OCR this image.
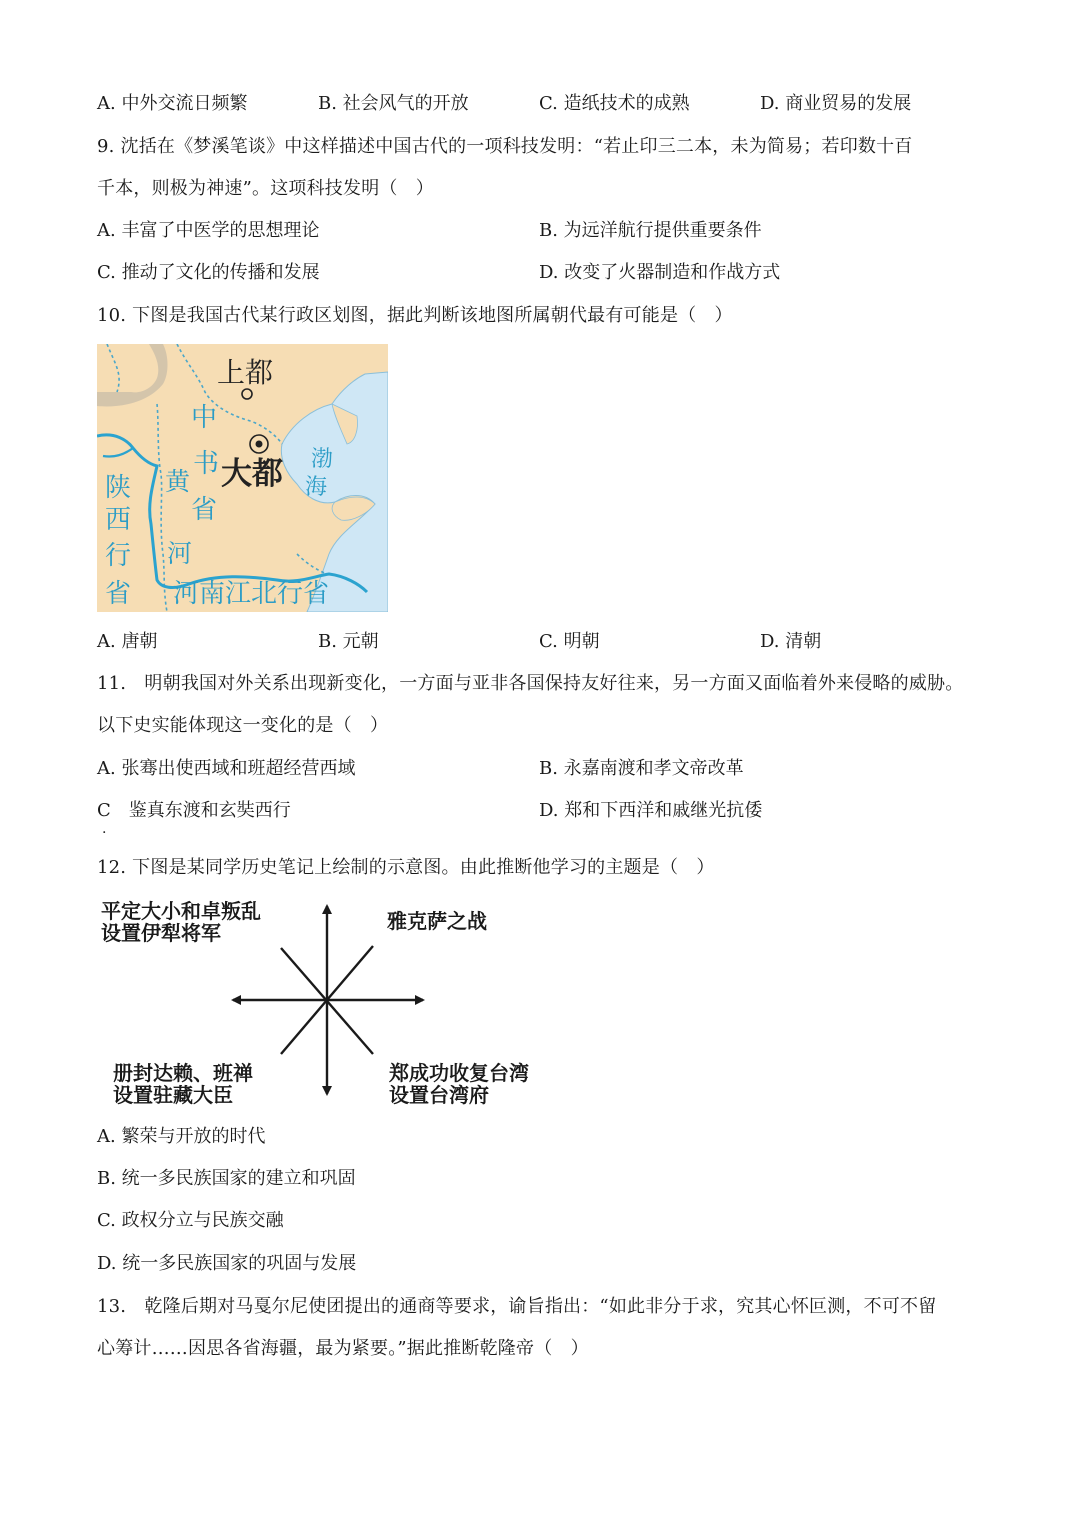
A. 中外交流日频繁	B. 社会风气的开放	C. 造纸技术的成熟	D. 商业贸易的发展
9. 沈括在《梦溪笔谈》中这样描述中国古代的一项科技发明：“若止印三二本，未为简易；若印数十百
千本，则极为神速”。这项科技发明（　）
A. 丰富了中医学的思想理论	B. 为远洋航行提供重要条件
C. 推动了文化的传播和发展	D. 改变了火器制造和作战方式
10. 下图是我国古代某行政区划图，据此判断该地图所属朝代最有可能是（　）
上都
大都
中
书
省
渤
海
黄
河
陕
西
行
省 河南江北行省
A. 唐朝	B. 元朝	C. 明朝	D. 清朝
11.　明朝我国对外关系出现新变化，一方面与亚非各国保持友好往来，另一方面又面临着外来侵略的威胁。
以下史实能体现这一变化的是（　）
A. 张骞出使西域和班超经营西域	B. 永嘉南渡和孝文帝改革
C　鉴真东渡和玄奘西行	D. 郑和下西洋和戚继光抗倭
.
12. 下图是某同学历史笔记上绘制的示意图。由此推断他学习的主题是（　）
平定大小和卓叛乱
设置伊犁将军	雅克萨之战
册封达赖、班禅
设置驻藏大臣
郑成功收复台湾
设置台湾府
A. 繁荣与开放的时代
B. 统一多民族国家的建立和巩固
C. 政权分立与民族交融
D. 统一多民族国家的巩固与发展
13.　乾隆后期对马戛尔尼使团提出的通商等要求，谕旨指出：“如此非分于求，究其心怀叵测，不可不留
心筹计……因思各省海疆，最为紧要。”据此推断乾隆帝（　）
